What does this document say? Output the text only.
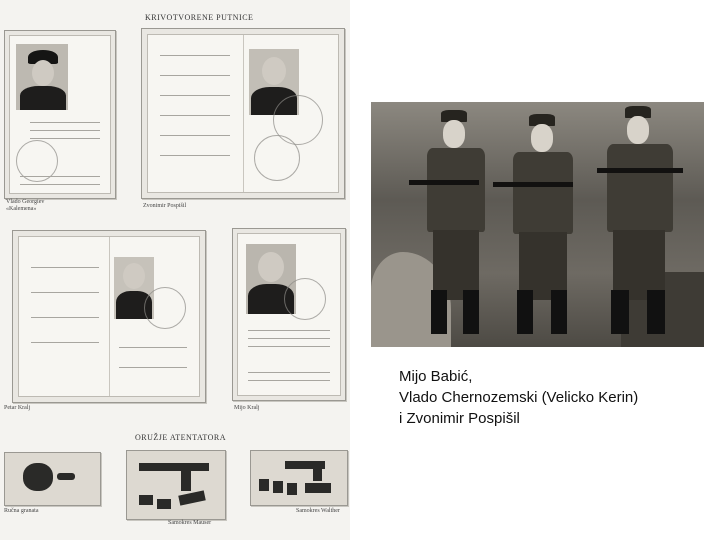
KRIVOTVORENE PUTNICE
Vlado Georgiev
«Kalemena»	Zvonimir Pospišil
Petar Kralj	Mijo Kralj
ORUŽJE ATENTATORA
Ručna granata
Samokres Mauser
Samokres Walther
Mijo Babić,
Vlado Chernozemski (Velicko Kerin)
i Zvonimir Pospišil
